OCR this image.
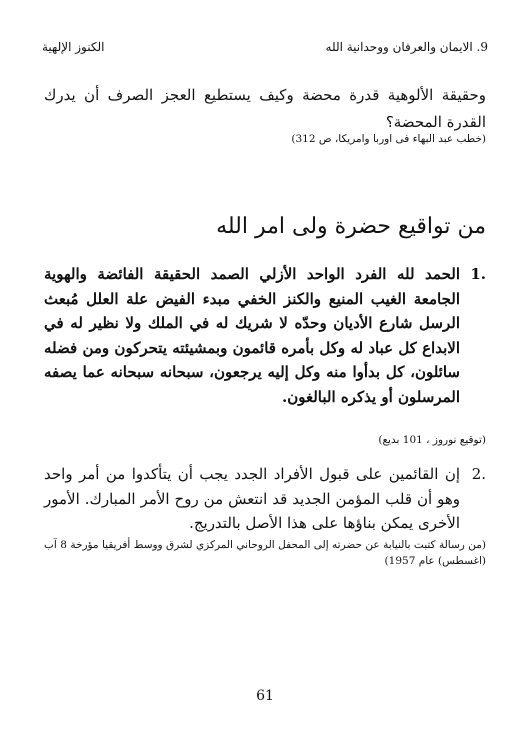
الكنوز الإلهية	9. الايمان والعرفان ووحدانية الله
وحقيقة الألوهية قدرة محضة وكيف يستطيع العجز الصرف أن يدرك القدرة المحضة؟
(خطب عبد البهاء فى اوربا وامريكا، ص 312)
من تواقيع حضرة ولى امر الله
1.
الحمد لله الفرد الواحد الأزلي الصمد الحقيقة الفائضة والهوية الجامعة الغيب المنيع والكنز الخفي مبدء الفيض علة العلل مُبعث الرسل شارع الأديان وحدّه لا شريك له في الملك ولا نظير له في الابداع كل عباد له وكل بأمره قائمون وبمشيئته يتحركون ومن فضله سائلون، كل بدأوا منه وكل إليه يرجعون، سبحانه سبحانه عما يصفه المرسلون أو يذكره البالغون.
(توقيع نوروز ، 101 بديع)
2.
إن القائمين على قبول الأفراد الجدد يجب أن يتأكدوا من أمر واحد وهو أن قلب المؤمن الجديد قد انتعش من روح الأمر المبارك. الأمور الأخرى يمكن بناؤها على هذا الأصل بالتدريج.
(من رسالة كتبت بالنيابة عن حضرته إلى المحفل الروحاني المركزي لشرق ووسط أفريقيا مؤرخة 8 آب (اغسطس) عام 1957)
61
